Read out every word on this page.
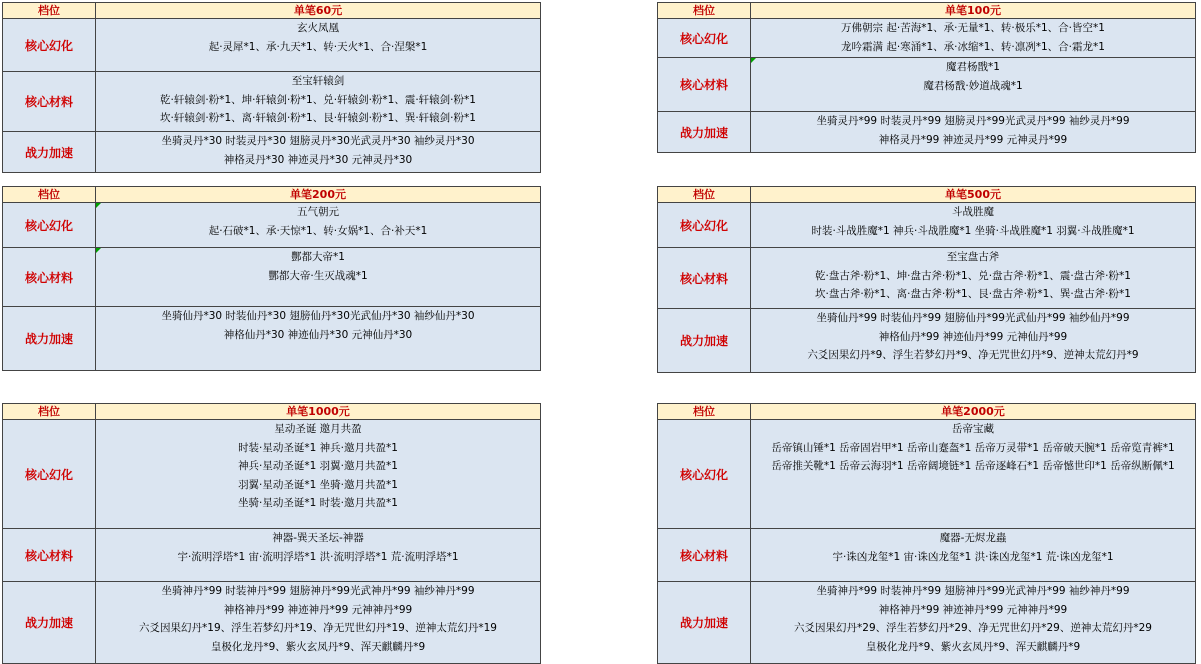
档位	单笔60元
核心幻化	玄火凤凰
起·灵犀*1、承·九天*1、转·天火*1、合·涅槃*1

核心材料	至宝轩辕剑
乾·轩辕剑·粉*1、坤·轩辕剑·粉*1、兑·轩辕剑·粉*1、震·轩辕剑·粉*1
坎·轩辕剑·粉*1、离·轩辕剑·粉*1、艮·轩辕剑·粉*1、巽·轩辕剑·粉*1

战力加速	坐骑灵丹*30 时装灵丹*30 翅膀灵丹*30光武灵丹*30 袖纱灵丹*30
神格灵丹*30 神迹灵丹*30 元神灵丹*30
档位	单笔100元
核心幻化	万佛朝宗 起·苦海*1、承·无量*1、转·极乐*1、合·皆空*1
龙吟霜满 起·寒涌*1、承·冰缩*1、转·凛冽*1、合·霜龙*1

核心材料	魔君杨戬*1
魔君杨戬·妙道战魂*1

战力加速	坐骑灵丹*99 时装灵丹*99 翅膀灵丹*99光武灵丹*99 袖纱灵丹*99
神格灵丹*99 神迹灵丹*99 元神灵丹*99
档位	单笔200元
核心幻化	五气朝元
起·石破*1、承·天惊*1、转·女娲*1、合·补天*1

核心材料	酆都大帝*1
酆都大帝·生灭战魂*1

战力加速	坐骑仙丹*30 时装仙丹*30 翅膀仙丹*30光武仙丹*30 袖纱仙丹*30
神格仙丹*30 神迹仙丹*30 元神仙丹*30
档位	单笔500元
核心幻化	斗战胜魔
时装·斗战胜魔*1 神兵·斗战胜魔*1 坐骑·斗战胜魔*1 羽翼·斗战胜魔*1

核心材料	至宝盘古斧
乾·盘古斧·粉*1、坤·盘古斧·粉*1、兑·盘古斧·粉*1、震·盘古斧·粉*1
坎·盘古斧·粉*1、离·盘古斧·粉*1、艮·盘古斧·粉*1、巽·盘古斧·粉*1

战力加速	坐骑仙丹*99 时装仙丹*99 翅膀仙丹*99光武仙丹*99 袖纱仙丹*99
神格仙丹*99 神迹仙丹*99 元神仙丹*99
六爻因果幻丹*9、浮生若梦幻丹*9、净无咒世幻丹*9、逆神太荒幻丹*9
档位	单笔1000元
核心幻化	星动圣诞 邀月共盈
时装·星动圣诞*1 神兵·邀月共盈*1
神兵·星动圣诞*1 羽翼·邀月共盈*1
羽翼·星动圣诞*1 坐骑·邀月共盈*1
坐骑·星动圣诞*1 时装·邀月共盈*1

核心材料	神器-巽天圣坛-神器
宇·流明浮塔*1 宙·流明浮塔*1 洪·流明浮塔*1 荒·流明浮塔*1

战力加速	坐骑神丹*99 时装神丹*99 翅膀神丹*99光武神丹*99 袖纱神丹*99
神格神丹*99 神迹神丹*99 元神神丹*99
六爻因果幻丹*19、浮生若梦幻丹*19、净无咒世幻丹*19、逆神太荒幻丹*19
皇极化龙丹*9、紫火玄凤丹*9、浑天麒麟丹*9
档位	单笔2000元
核心幻化	岳帝宝藏
岳帝镇山锤*1 岳帝固岩甲*1 岳帝山蹇盔*1 岳帝万灵带*1 岳帝破天腕*1 岳帝览青裤*1
岳帝推关靴*1 岳帝云海羽*1 岳帝阔境链*1 岳帝逐峰石*1 岳帝憾世印*1 岳帝纵断佩*1

核心材料	魔器-无烬龙蟲
宇·诛凶龙玺*1 宙·诛凶龙玺*1 洪·诛凶龙玺*1 荒·诛凶龙玺*1

战力加速	坐骑神丹*99 时装神丹*99 翅膀神丹*99光武神丹*99 袖纱神丹*99
神格神丹*99 神迹神丹*99 元神神丹*99
六爻因果幻丹*29、浮生若梦幻丹*29、净无咒世幻丹*29、逆神太荒幻丹*29
皇极化龙丹*9、紫火玄凤丹*9、浑天麒麟丹*9
